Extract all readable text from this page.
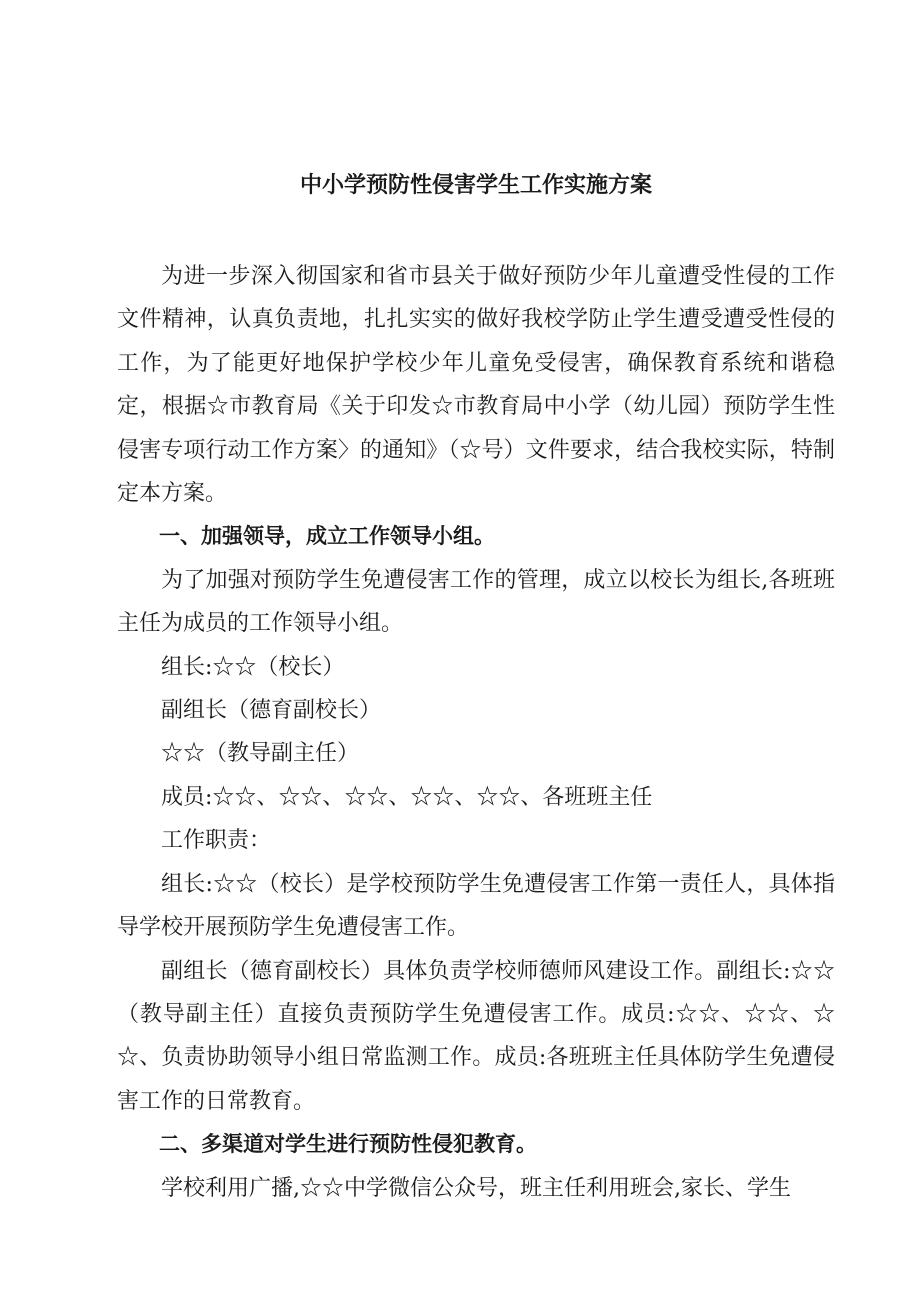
中小学预防性侵害学生工作实施方案

为进一步深入彻国家和省市县关于做好预防少年儿童遭受性侵的工作文件精神，认真负责地，扎扎实实的做好我校学防止学生遭受遭受性侵的工作，为了能更好地保护学校少年儿童免受侵害，确保教育系统和谐稳定，根据☆市教育局《关于印发☆市教育局中小学（幼儿园）预防学生性侵害专项行动工作方案〉的通知》（☆号）文件要求，结合我校实际，特制定本方案。

一、加强领导，成立工作领导小组。

为了加强对预防学生免遭侵害工作的管理，成立以校长为组长,各班班主任为成员的工作领导小组。

组长:☆☆（校长）

副组长（德育副校长）

☆☆（教导副主任）

成员:☆☆、☆☆、☆☆、☆☆、☆☆、各班班主任

工作职责：

组长:☆☆（校长）是学校预防学生免遭侵害工作第一责任人，具体指导学校开展预防学生免遭侵害工作。

副组长（德育副校长）具体负责学校师德师风建设工作。副组长:☆☆（教导副主任）直接负责预防学生免遭侵害工作。成员:☆☆、☆☆、☆☆、负责协助领导小组日常监测工作。成员:各班班主任具体防学生免遭侵害工作的日常教育。

二、多渠道对学生进行预防性侵犯教育。

学校利用广播,☆☆中学微信公众号，班主任利用班会,家长、学生
